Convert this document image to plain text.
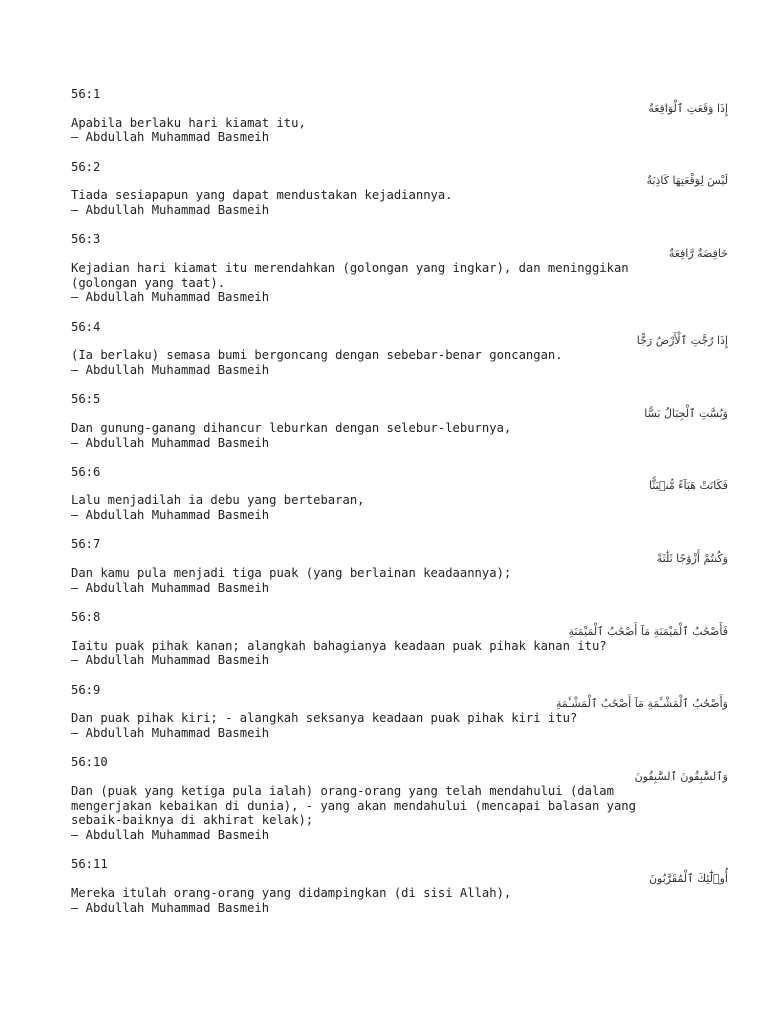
56:1
إِذَا وَقَعَتِ ٱلْوَاقِعَةُ
Apabila berlaku hari kiamat itu,
— Abdullah Muhammad Basmeih
56:2
لَيْسَ لِوَقْعَتِهَا كَاذِبَةٌ
Tiada sesiapapun yang dapat mendustakan kejadiannya.
— Abdullah Muhammad Basmeih
56:3
خَافِضَةٌ رَّافِعَةٌ
Kejadian hari kiamat itu merendahkan (golongan yang ingkar), dan meninggikan
(golongan yang taat).
— Abdullah Muhammad Basmeih
56:4
إِذَا رُجَّتِ ٱلْأَرْضُ رَجًّا
(Ia berlaku) semasa bumi bergoncang dengan sebebar-benar goncangan.
— Abdullah Muhammad Basmeih
56:5
وَبُسَّتِ ٱلْجِبَالُ بَسًّا
Dan gunung-ganang dihancur leburkan dengan selebur-leburnya,
— Abdullah Muhammad Basmeih
56:6
فَكَانَتْ هَبَآءً مُّنۢبَثًّا
Lalu menjadilah ia debu yang bertebaran,
— Abdullah Muhammad Basmeih
56:7
وَكُنتُمْ أَزْوَٰجًا ثَلَٰثَةً
Dan kamu pula menjadi tiga puak (yang berlainan keadaannya);
— Abdullah Muhammad Basmeih
56:8
فَأَصْحَٰبُ ٱلْمَيْمَنَةِ مَآ أَصْحَٰبُ ٱلْمَيْمَنَةِ
Iaitu puak pihak kanan; alangkah bahagianya keadaan puak pihak kanan itu?
— Abdullah Muhammad Basmeih
56:9
وَأَصْحَٰبُ ٱلْمَشْـَٔمَةِ مَآ أَصْحَٰبُ ٱلْمَشْـَٔمَةِ
Dan puak pihak kiri; - alangkah seksanya keadaan puak pihak kiri itu?
— Abdullah Muhammad Basmeih
56:10
وَٱلسَّٰبِقُونَ ٱلسَّٰبِقُونَ
Dan (puak yang ketiga pula ialah) orang-orang yang telah mendahului (dalam
mengerjakan kebaikan di dunia), - yang akan mendahului (mencapai balasan yang
sebaik-baiknya di akhirat kelak);
— Abdullah Muhammad Basmeih
56:11
أُو۟لَٰٓئِكَ ٱلْمُقَرَّبُونَ
Mereka itulah orang-orang yang didampingkan (di sisi Allah),
— Abdullah Muhammad Basmeih
